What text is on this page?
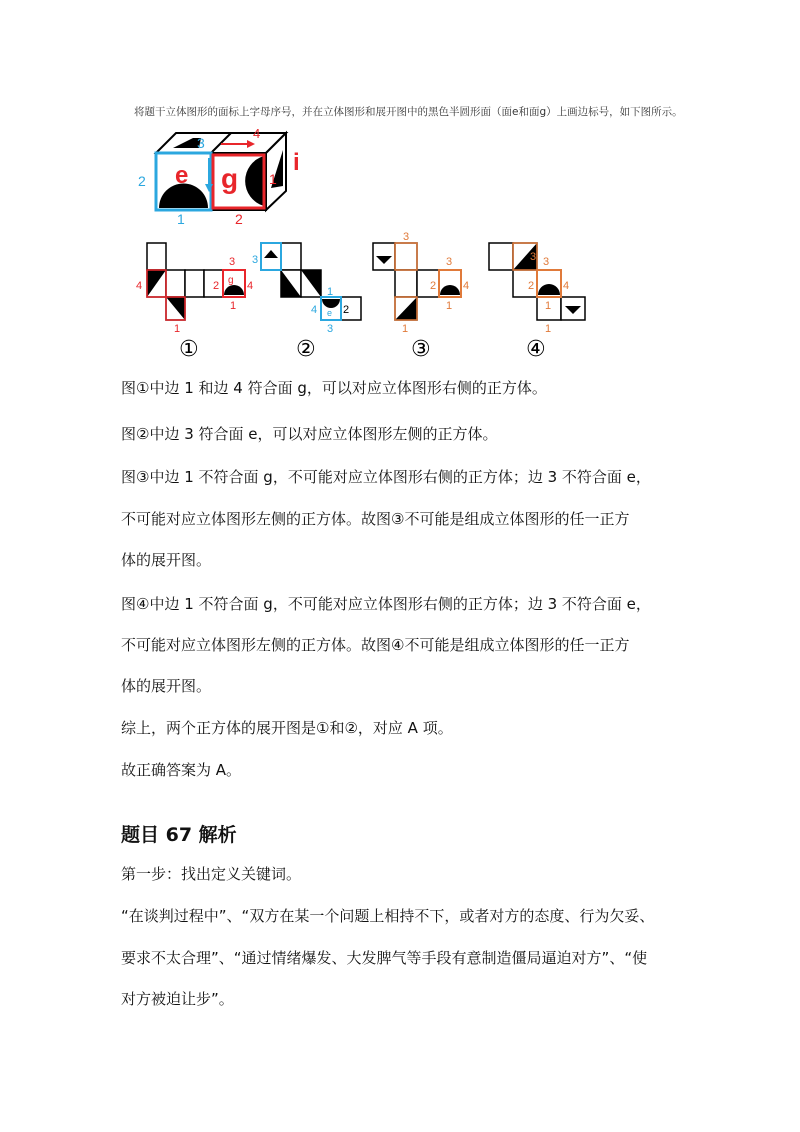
e g
i
1
2
3
1
2
4
g
3
4	2	4
1
1
e
3
1
4 2
3
3
3
2 4
1
1
3 3
2	4
1
1
①	②	③	④
将题干立体图形的面标上字母序号，并在立体图形和展开图中的黑色半圆形面（面e和面g）上画边标号，如下图所示。
图①中边 1 和边 4 符合面 g，可以对应立体图形右侧的正方体。
图②中边 3 符合面 e，可以对应立体图形左侧的正方体。
图③中边 1 不符合面 g，不可能对应立体图形右侧的正方体；边 3 不符合面 e，
不可能对应立体图形左侧的正方体。故图③不可能是组成立体图形的任一正方
体的展开图。
图④中边 1 不符合面 g，不可能对应立体图形右侧的正方体；边 3 不符合面 e，
不可能对应立体图形左侧的正方体。故图④不可能是组成立体图形的任一正方
体的展开图。
综上，两个正方体的展开图是①和②，对应 A 项。
故正确答案为 A。
题目 67 解析
第一步：找出定义关键词。
“在谈判过程中”、“双方在某一个问题上相持不下，或者对方的态度、行为欠妥、
要求不太合理”、“通过情绪爆发、大发脾气等手段有意制造僵局逼迫对方”、“使
对方被迫让步”。
